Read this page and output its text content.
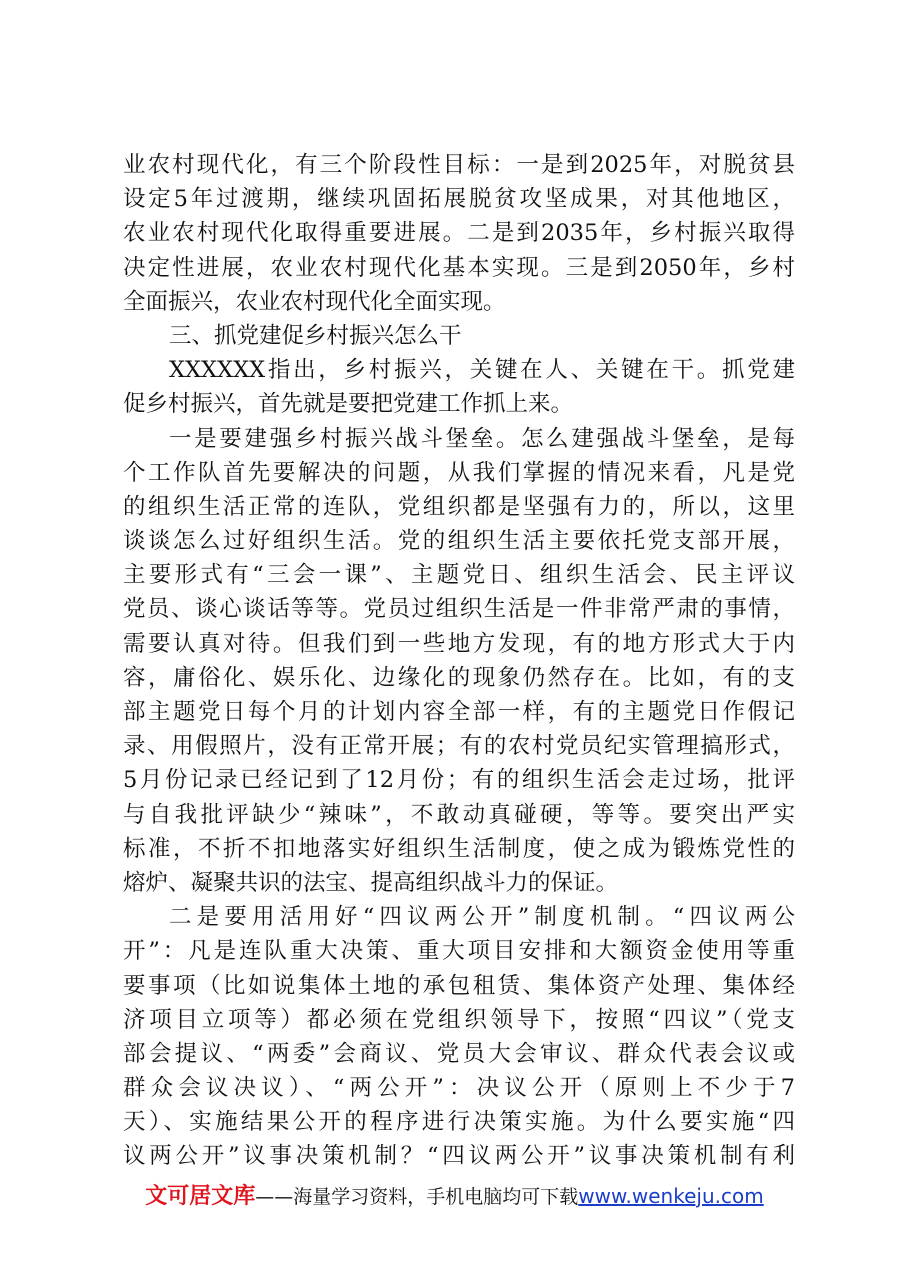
业农村现代化，有三个阶段性目标：一是到2025年，对脱贫县
设定5年过渡期，继续巩固拓展脱贫攻坚成果，对其他地区，
农业农村现代化取得重要进展。二是到2035年，乡村振兴取得
决定性进展，农业农村现代化基本实现。三是到2050年，乡村
全面振兴，农业农村现代化全面实现。
三、抓党建促乡村振兴怎么干
XXXXXX指出，乡村振兴，关键在人、关键在干。抓党建
促乡村振兴，首先就是要把党建工作抓上来。
一是要建强乡村振兴战斗堡垒。怎么建强战斗堡垒，是每
个工作队首先要解决的问题，从我们掌握的情况来看，凡是党
的组织生活正常的连队，党组织都是坚强有力的，所以，这里
谈谈怎么过好组织生活。党的组织生活主要依托党支部开展，
主要形式有“三会一课”、主题党日、组织生活会、民主评议
党员、谈心谈话等等。党员过组织生活是一件非常严肃的事情，
需要认真对待。但我们到一些地方发现，有的地方形式大于内
容，庸俗化、娱乐化、边缘化的现象仍然存在。比如，有的支
部主题党日每个月的计划内容全部一样，有的主题党日作假记
录、用假照片，没有正常开展；有的农村党员纪实管理搞形式，
5月份记录已经记到了12月份；有的组织生活会走过场，批评
与自我批评缺少“辣味”，不敢动真碰硬，等等。要突出严实
标准，不折不扣地落实好组织生活制度，使之成为锻炼党性的
熔炉、凝聚共识的法宝、提高组织战斗力的保证。
二是要用活用好“四议两公开”制度机制。“四议两公
开”：凡是连队重大决策、重大项目安排和大额资金使用等重
要事项（比如说集体土地的承包租赁、集体资产处理、集体经
济项目立项等）都必须在党组织领导下，按照“四议”（党支
部会提议、“两委”会商议、党员大会审议、群众代表会议或
群众会议决议）、“两公开”：决议公开（原则上不少于7
天）、实施结果公开的程序进行决策实施。为什么要实施“四
议两公开”议事决策机制？“四议两公开”议事决策机制有利
文可居文库——海量学习资料，手机电脑均可下载www.wenkeju.com
